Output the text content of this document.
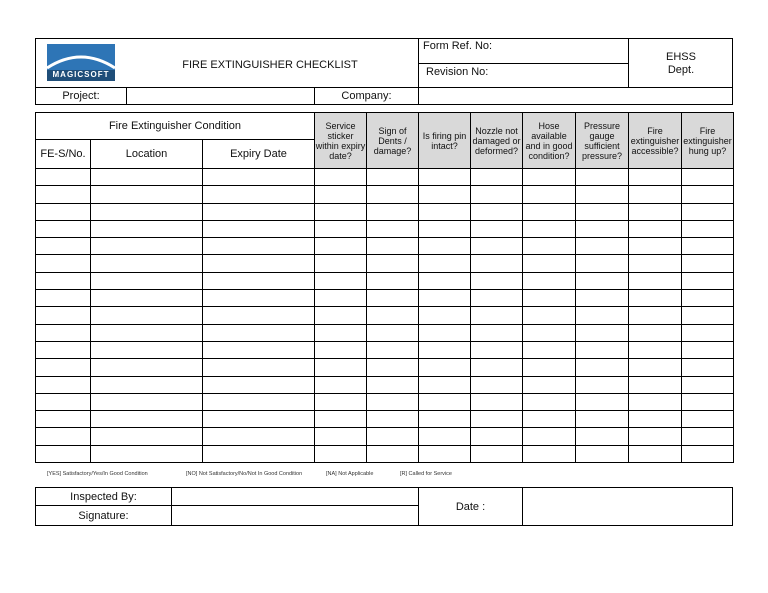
MAGICSOFT
FIRE EXTINGUISHER CHECKLIST
Form Ref. No:
Revision No:
EHSS
Dept.
Project:	Company:
Fire Extinguisher Condition			Service sticker within expiry date?	Sign of Dents / damage?	Is firing pin intact?	Nozzle not damaged or deformed?	Hose available and in good condition?	Pressure gauge sufficient pressure?	Fire extinguisher accessible?	Fire extinguisher hung up?
FE-S/No.	Location	Expiry Date								

[YES] Satisfactory/Yes/In Good Condition	[NO] Not Satisfactory/No/Not In Good Condition	[NA] Not Applicable	[R] Called for Service
Inspected By:
Signature:
Date :
